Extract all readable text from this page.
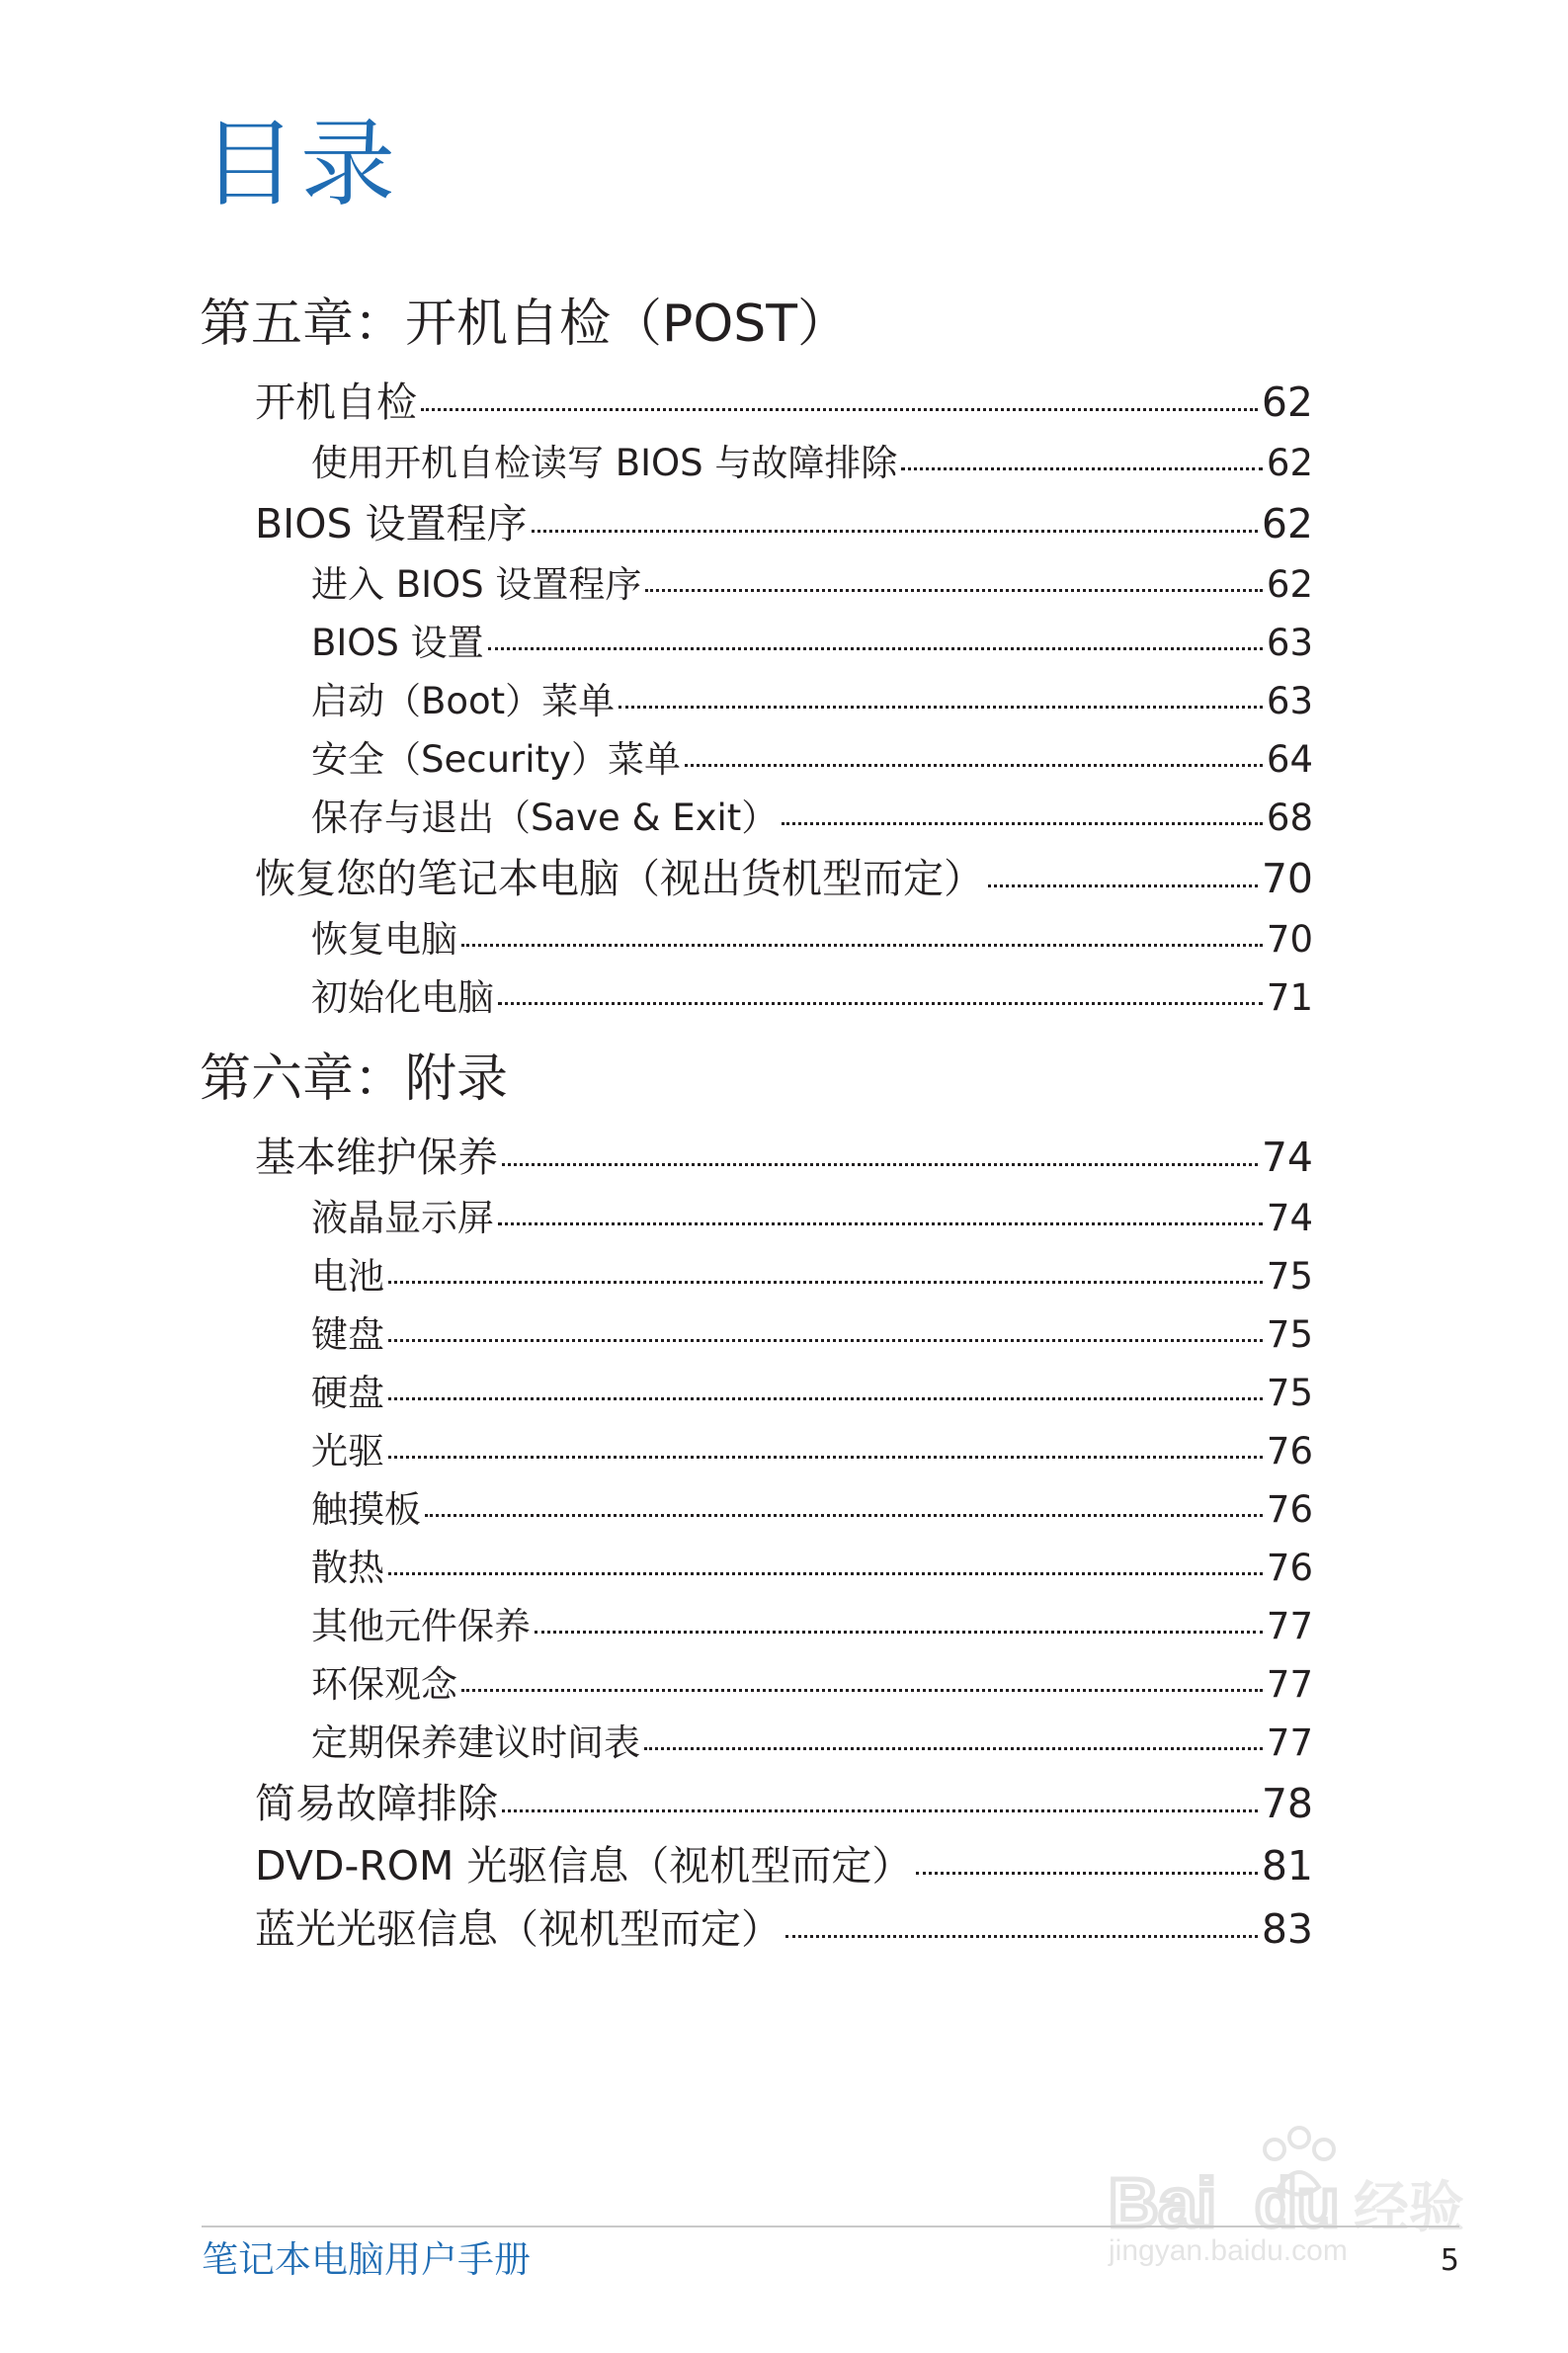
目录
第五章：开机自检（POST）
开机自检	62
使用开机自检读写 BIOS 与故障排除	62
BIOS 设置程序	62
进入 BIOS 设置程序	62
BIOS 设置	63
启动（Boot）菜单	63
安全（Security）菜单	64
保存与退出（Save & Exit）	68
恢复您的笔记本电脑（视出货机型而定）	70
恢复电脑	70
初始化电脑	71
第六章：附录
基本维护保养	74
液晶显示屏	74
电池	75
键盘	75
硬盘	75
光驱	76
触摸板	76
散热	76
其他元件保养	77
环保观念	77
定期保养建议时间表	77
简易故障排除	78
DVD-ROM 光驱信息（视机型而定）	81
蓝光光驱信息（视机型而定）	83
Bai du 经验
jingyan.baidu.com
笔记本电脑用户手册	5
